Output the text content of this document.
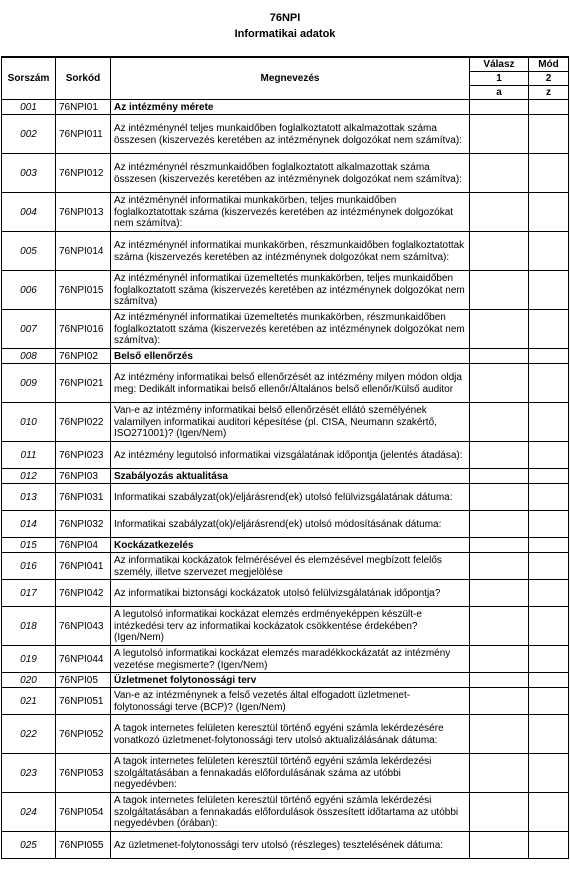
76NPI
Informatikai adatok
Sorszám	Sorkód	Megnevezés	Válasz	Mód
			1	2
			a	z
001	76NPI01	Az intézmény mérete		
002	76NPI011	Az intézménynél teljes munkaidőben foglalkoztatott alkalmazottak száma összesen (kiszervezés keretében az intézménynek dolgozókat nem számítva):		
003	76NPI012	Az intézménynél részmunkaidőben foglalkoztatott alkalmazottak száma összesen (kiszervezés keretében az intézménynek dolgozókat nem számítva):		
004	76NPI013	Az intézménynél informatikai munkakörben, teljes munkaidőben foglalkoztatottak száma (kiszervezés keretében az intézménynek dolgozókat nem számítva):		
005	76NPI014	Az intézménynél informatikai munkakörben, részmunkaidőben foglalkoztatottak száma (kiszervezés keretében az intézménynek dolgozókat nem számítva):		
006	76NPI015	Az intézménynél informatikai üzemeltetés munkakörben, teljes munkaidőben foglalkoztatott száma (kiszervezés keretében az intézménynek dolgozókat nem számítva)		
007	76NPI016	Az intézménynél informatikai üzemeltetés munkakörben, részmunkaidőben foglalkoztatott száma (kiszervezés keretében az intézménynek dolgozókat nem számítva):		
008	76NPI02	Belső ellenőrzés		
009	76NPI021	Az intézmény informatikai belső ellenőrzését az intézmény milyen módon oldja meg: Dedikált informatikai belső ellenőr/Általános belső ellenőr/Külső auditor		
010	76NPI022	Van-e az intézmény informatikai belső ellenőrzését ellátó személyének valamilyen informatikai auditori képesítése (pl. CISA, Neumann szakértő, ISO271001)? (Igen/Nem)		
011	76NPI023	Az intézmény legutolsó informatikai vizsgálatának időpontja (jelentés átadása):		
012	76NPI03	Szabályozás aktualitása		
013	76NPI031	Informatikai szabályzat(ok)/eljárásrend(ek) utolsó felülvizsgálatának dátuma:		
014	76NPI032	Informatikai szabályzat(ok)/eljárásrend(ek) utolsó módosításának dátuma:		
015	76NPI04	Kockázatkezelés		
016	76NPI041	Az informatikai kockázatok felmérésével és elemzésével megbízott felelős személy, illetve szervezet megjelölése		
017	76NPI042	Az informatikai biztonsági kockázatok utolsó felülvizsgálatának időpontja?		
018	76NPI043	A legutolsó informatikai kockázat elemzés erdményeképpen készült-e intézkedési terv az informatikai kockázatok csökkentése érdekében? (Igen/Nem)		
019	76NPI044	A legutolsó informatikai kockázat elemzés maradékkockázatát az intézmény vezetése megismerte? (Igen/Nem)		
020	76NPI05	Üzletmenet folytonossági terv		
021	76NPI051	Van-e az intézménynek a felső vezetés által elfogadott üzletmenet-folytonossági terve (BCP)? (Igen/Nem)		
022	76NPI052	A tagok internetes felületen keresztül történő egyéni számla lekérdezésére vonatkozó üzletmenet-folytonossági terv utolsó aktualizálásának dátuma:		
023	76NPI053	A tagok internetes felületen keresztül történő egyéni számla lekérdezési szolgáltatásában a fennakadás előfordulásának száma az utóbbi negyedévben:		
024	76NPI054	A tagok internetes felületen keresztül történő egyéni számla lekérdezési szolgáltatásában a fennakadás előfordulások összesített időtartama az utóbbi negyedévben (órában):		
025	76NPI055	Az üzletmenet-folytonossági terv utolsó (részleges) tesztelésének dátuma:		
